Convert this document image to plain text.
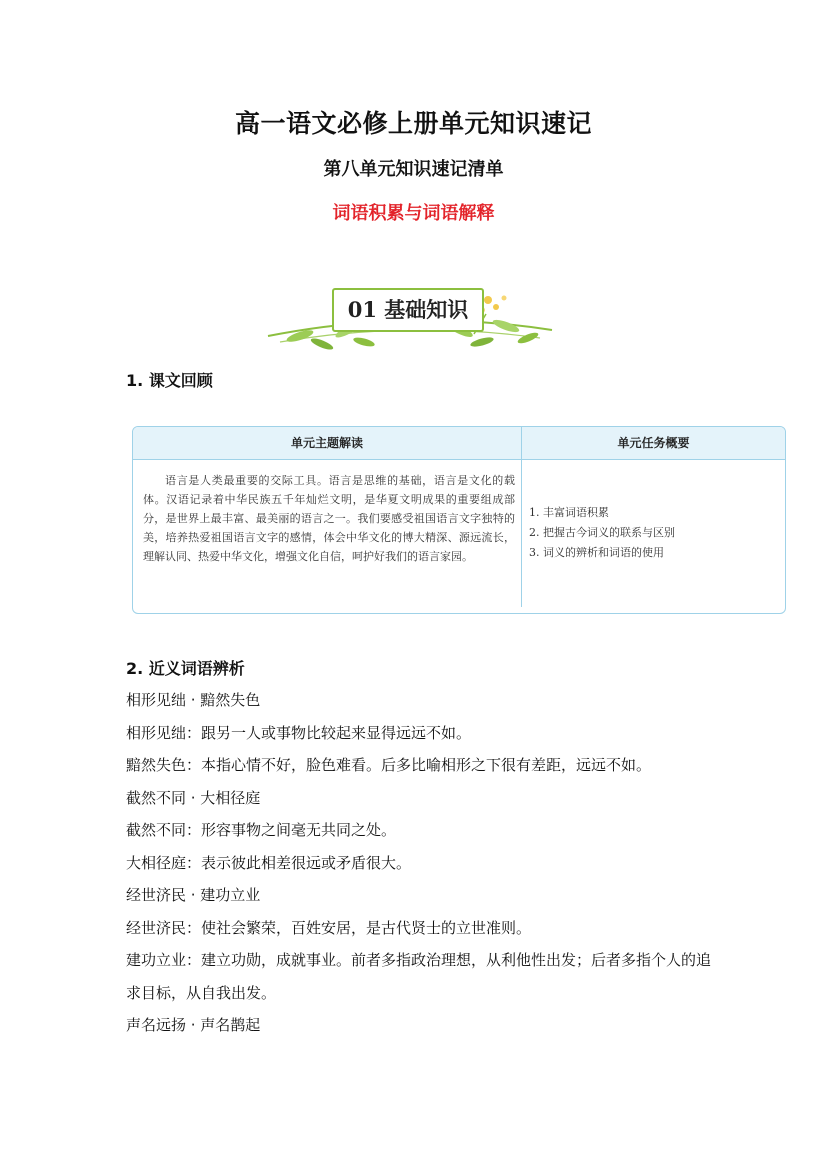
高一语文必修上册单元知识速记
第八单元知识速记清单
词语积累与词语解释
01 基础知识
1. 课文回顾
单元主题解读	单元任务概要
语言是人类最重要的交际工具。语言是思维的基础，语言是文化的载体。汉语记录着中华民族五千年灿烂文明，是华夏文明成果的重要组成部分，是世界上最丰富、最美丽的语言之一。我们要感受祖国语言文字独特的美，培养热爱祖国语言文字的感情，体会中华文化的博大精深、源远流长，理解认同、热爱中华文化，增强文化自信，呵护好我们的语言家园。
1. 丰富词语积累
2. 把握古今词义的联系与区别
3. 词义的辨析和词语的使用
2. 近义词语辨析

相形见绌 · 黯然失色

相形见绌：跟另一人或事物比较起来显得远远不如。

黯然失色：本指心情不好，脸色难看。后多比喻相形之下很有差距，远远不如。

截然不同 · 大相径庭

截然不同：形容事物之间毫无共同之处。

大相径庭：表示彼此相差很远或矛盾很大。

经世济民 · 建功立业

经世济民：使社会繁荣，百姓安居，是古代贤士的立世准则。

建功立业：建立功勋，成就事业。前者多指政治理想，从利他性出发；后者多指个人的追求目标，从自我出发。

声名远扬 · 声名鹊起
